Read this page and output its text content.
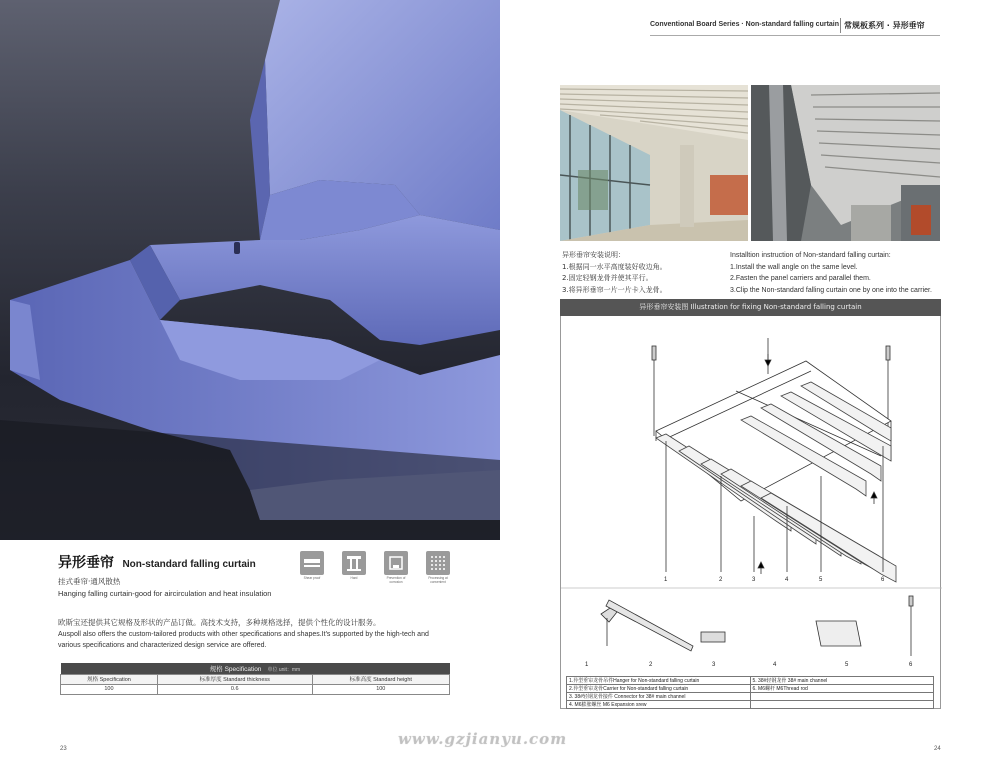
异形垂帘 Non-standard falling curtain
挂式垂帘·通风散热
Hanging falling curtain-good for aircirculation and heat insulation
Shear proof	Hard	Prevention of corrosion
Processing at convenient
欧斯宝还提供其它规格及形状的产品订做。高技术支持，多种规格选择，提供个性化的设计服务。
Auspoll also offers the custom-tailored products with other specifications and shapes.It's supported by the high-tech and various specifications and characterized design service are offered.
规格 Specification 单位 unit：mm		
规格 Specification	标准厚度 Standard thickness	标准高度 Standard height
100	0.6	100
23
Conventional Board Series · Non-standard falling curtain 常规板系列 · 异形垂帘
异形垂帘安装说明：
1.根据同一水平高度装好收边角。
2.固定轻钢龙骨并使其平行。
3.将异形垂帘一片一片卡入龙骨。
Installtion instruction of Non-standard falling curtain:
1.Install the wall angle on the same level.
2.Fasten the panel carriers and parallel them.
3.Clip the Non-standard falling curtain one by one into the carrier.
异形垂帘安装图 Illustration for fixing Non-standard falling curtain
1	2	3	4	5	6
1	2	3	4	5	6
1.异型垂帘龙骨吊件Hanger for Non-standard falling curtain	5. 38#轻钢龙骨 38# main channel
2.异型垂帘龙骨Carrier for Non-standard falling curtain	6. M6螺杆 M6Thread rod
3. 38#轻钢龙骨接件 Connector for 38# main channel	
4. M6膨胀螺丝 M6 Expansion srew	
24
www.gzjianyu.com
